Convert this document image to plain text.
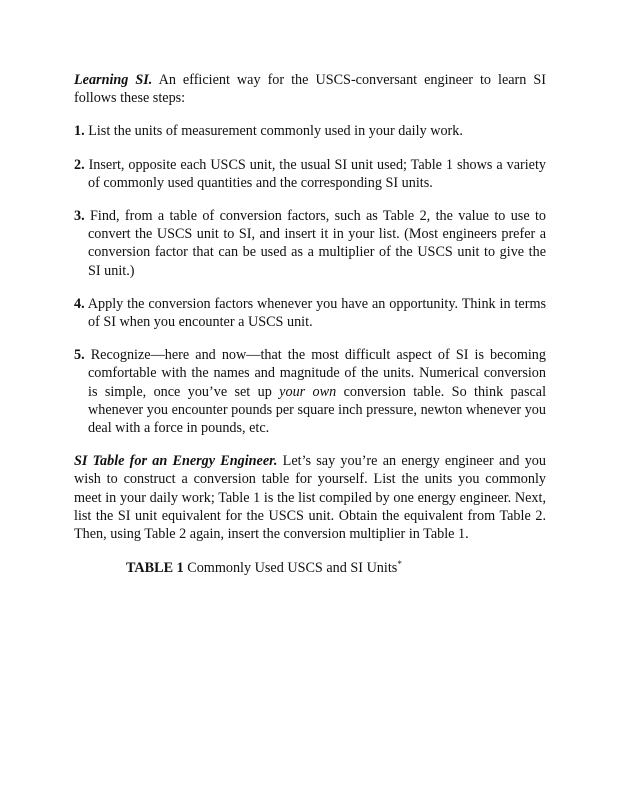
Learning SI. An efficient way for the USCS-conversant engineer to learn SI follows these steps:

1. List the units of measurement commonly used in your daily work.

2. Insert, opposite each USCS unit, the usual SI unit used; Table 1 shows a variety of commonly used quantities and the corresponding SI units.

3. Find, from a table of conversion factors, such as Table 2, the value to use to convert the USCS unit to SI, and insert it in your list. (Most engineers prefer a conversion factor that can be used as a multiplier of the USCS unit to give the SI unit.)

4. Apply the conversion factors whenever you have an opportunity. Think in terms of SI when you encounter a USCS unit.

5. Recognize—here and now—that the most difficult aspect of SI is becoming comfortable with the names and magnitude of the units. Numerical conversion is simple, once you’ve set up your own conversion table. So think pascal whenever you encounter pounds per square inch pressure, newton whenever you deal with a force in pounds, etc.

SI Table for an Energy Engineer. Let’s say you’re an energy engineer and you wish to construct a conversion table for yourself. List the units you commonly meet in your daily work; Table 1 is the list compiled by one energy engineer. Next, list the SI unit equivalent for the USCS unit. Obtain the equivalent from Table 2. Then, using Table 2 again, insert the conversion multiplier in Table 1.

TABLE 1 Commonly Used USCS and SI Units*
